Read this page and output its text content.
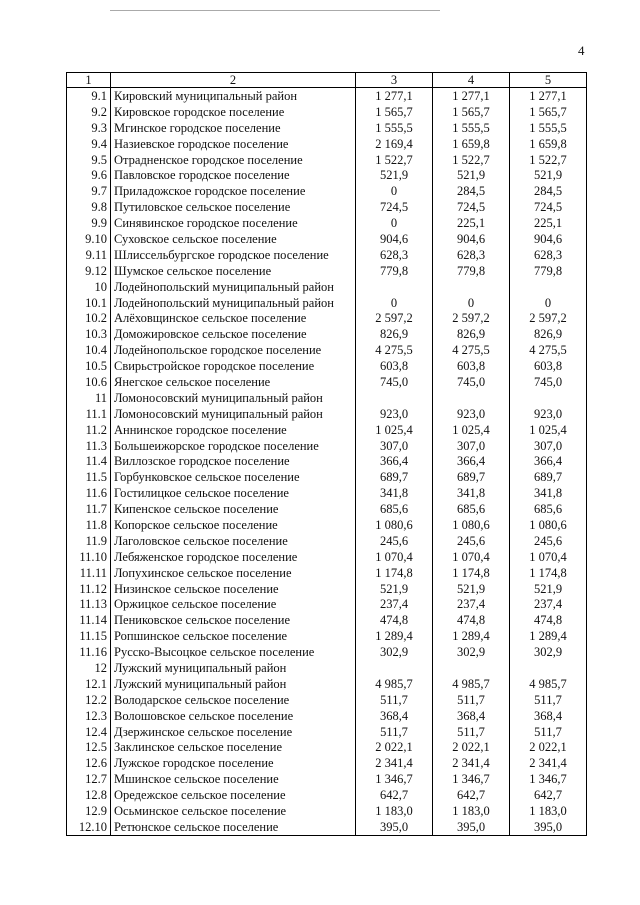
4
1	2	3	4	5
9.1	Кировский муниципальный район	1 277,1	1 277,1	1 277,1
9.2	Кировское городское поселение	1 565,7	1 565,7	1 565,7
9.3	Мгинское городское поселение	1 555,5	1 555,5	1 555,5
9.4	Назиевское городское поселение	2 169,4	1 659,8	1 659,8
9.5	Отрадненское городское поселение	1 522,7	1 522,7	1 522,7
9.6	Павловское городское поселение	521,9	521,9	521,9
9.7	Приладожское городское поселение	0	284,5	284,5
9.8	Путиловское сельское поселение	724,5	724,5	724,5
9.9	Синявинское городское поселение	0	225,1	225,1
9.10	Суховское сельское поселение	904,6	904,6	904,6
9.11	Шлиссельбургское городское поселение	628,3	628,3	628,3
9.12	Шумское сельское поселение	779,8	779,8	779,8
10	Лодейнопольский муниципальный район			
10.1	Лодейнопольский муниципальный район	0	0	0
10.2	Алёховщинское сельское поселение	2 597,2	2 597,2	2 597,2
10.3	Доможировское сельское поселение	826,9	826,9	826,9
10.4	Лодейнопольское городское поселение	4 275,5	4 275,5	4 275,5
10.5	Свирьстройское городское поселение	603,8	603,8	603,8
10.6	Янегское сельское поселение	745,0	745,0	745,0
11	Ломоносовский муниципальный район			
11.1	Ломоносовский муниципальный район	923,0	923,0	923,0
11.2	Аннинское городское поселение	1 025,4	1 025,4	1 025,4
11.3	Большеижорское городское поселение	307,0	307,0	307,0
11.4	Виллозское городское поселение	366,4	366,4	366,4
11.5	Горбунковское сельское поселение	689,7	689,7	689,7
11.6	Гостилицкое сельское поселение	341,8	341,8	341,8
11.7	Кипенское сельское поселение	685,6	685,6	685,6
11.8	Копорское сельское поселение	1 080,6	1 080,6	1 080,6
11.9	Лаголовское сельское поселение	245,6	245,6	245,6
11.10	Лебяженское городское поселение	1 070,4	1 070,4	1 070,4
11.11	Лопухинское сельское поселение	1 174,8	1 174,8	1 174,8
11.12	Низинское сельское поселение	521,9	521,9	521,9
11.13	Оржицкое сельское поселение	237,4	237,4	237,4
11.14	Пениковское сельское поселение	474,8	474,8	474,8
11.15	Ропшинское сельское поселение	1 289,4	1 289,4	1 289,4
11.16	Русско-Высоцкое сельское поселение	302,9	302,9	302,9
12	Лужский муниципальный район			
12.1	Лужский муниципальный район	4 985,7	4 985,7	4 985,7
12.2	Володарское сельское поселение	511,7	511,7	511,7
12.3	Волошовское сельское поселение	368,4	368,4	368,4
12.4	Дзержинское сельское поселение	511,7	511,7	511,7
12.5	Заклинское сельское поселение	2 022,1	2 022,1	2 022,1
12.6	Лужское городское поселение	2 341,4	2 341,4	2 341,4
12.7	Мшинское сельское поселение	1 346,7	1 346,7	1 346,7
12.8	Оредежское сельское поселение	642,7	642,7	642,7
12.9	Осьминское сельское поселение	1 183,0	1 183,0	1 183,0
12.10	Ретюнское сельское поселение	395,0	395,0	395,0
